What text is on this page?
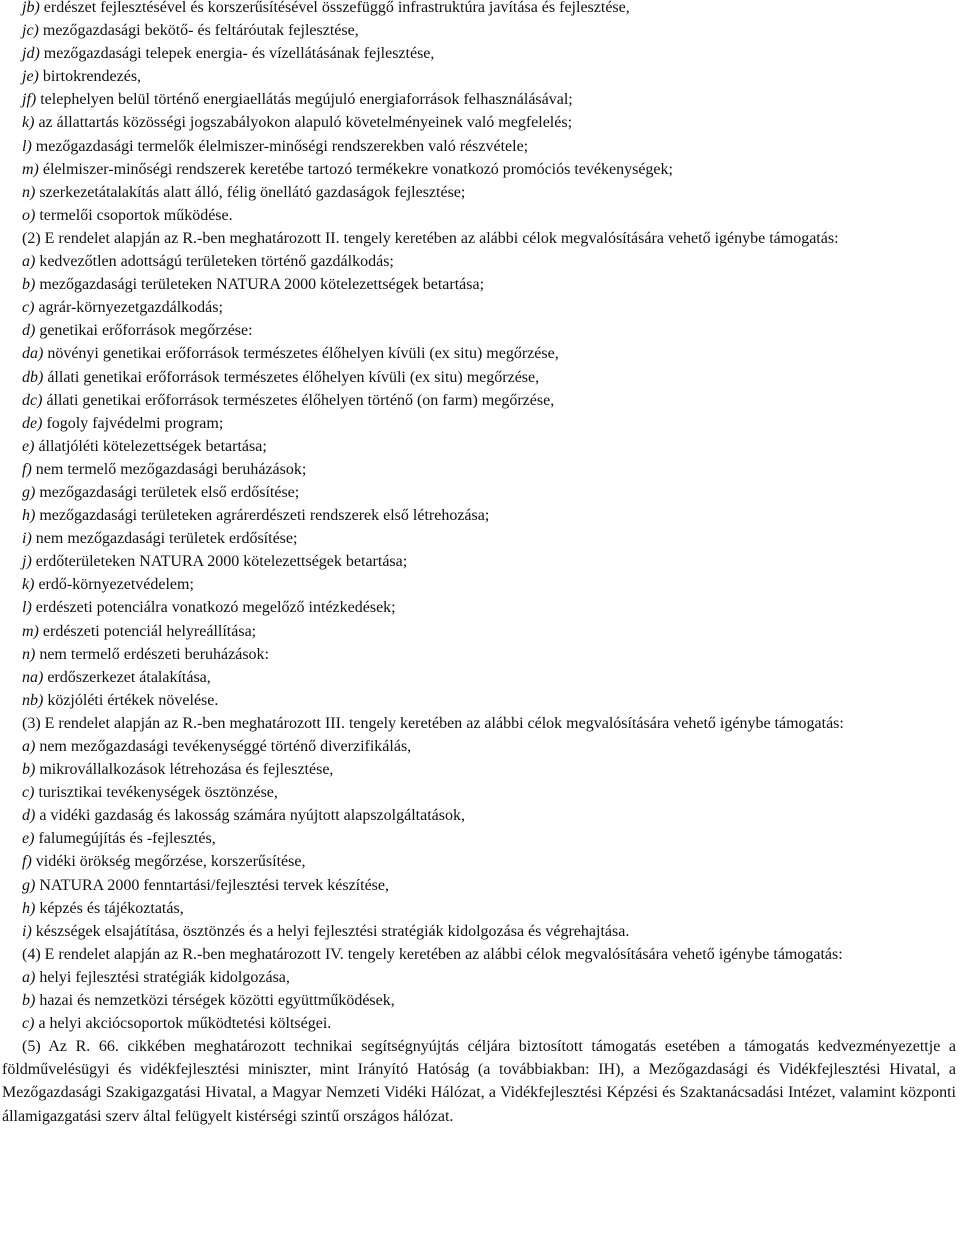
jb) erdészet fejlesztésével és korszerűsítésével összefüggő infrastruktúra javítása és fejlesztése,
jc) mezőgazdasági bekötő- és feltáróutak fejlesztése,
jd) mezőgazdasági telepek energia- és vízellátásának fejlesztése,
je) birtokrendezés,
jf) telephelyen belül történő energiaellátás megújuló energiaforrások felhasználásával;
k) az állattartás közösségi jogszabályokon alapuló követelményeinek való megfelelés;
l) mezőgazdasági termelők élelmiszer-minőségi rendszerekben való részvétele;
m) élelmiszer-minőségi rendszerek keretébe tartozó termékekre vonatkozó promóciós tevékenységek;
n) szerkezetátalakítás alatt álló, félig önellátó gazdaságok fejlesztése;
o) termelői csoportok működése.
(2) E rendelet alapján az R.-ben meghatározott II. tengely keretében az alábbi célok megvalósítására vehető igénybe támogatás:
a) kedvezőtlen adottságú területeken történő gazdálkodás;
b) mezőgazdasági területeken NATURA 2000 kötelezettségek betartása;
c) agrár-környezetgazdálkodás;
d) genetikai erőforrások megőrzése:
da) növényi genetikai erőforrások természetes élőhelyen kívüli (ex situ) megőrzése,
db) állati genetikai erőforrások természetes élőhelyen kívüli (ex situ) megőrzése,
dc) állati genetikai erőforrások természetes élőhelyen történő (on farm) megőrzése,
de) fogoly fajvédelmi program;
e) állatjóléti kötelezettségek betartása;
f) nem termelő mezőgazdasági beruházások;
g) mezőgazdasági területek első erdősítése;
h) mezőgazdasági területeken agrárerdészeti rendszerek első létrehozása;
i) nem mezőgazdasági területek erdősítése;
j) erdőterületeken NATURA 2000 kötelezettségek betartása;
k) erdő-környezetvédelem;
l) erdészeti potenciálra vonatkozó megelőző intézkedések;
m) erdészeti potenciál helyreállítása;
n) nem termelő erdészeti beruházások:
na) erdőszerkezet átalakítása,
nb) közjóléti értékek növelése.
(3) E rendelet alapján az R.-ben meghatározott III. tengely keretében az alábbi célok megvalósítására vehető igénybe támogatás:
a) nem mezőgazdasági tevékenységgé történő diverzifikálás,
b) mikrovállalkozások létrehozása és fejlesztése,
c) turisztikai tevékenységek ösztönzése,
d) a vidéki gazdaság és lakosság számára nyújtott alapszolgáltatások,
e) falumegújítás és -fejlesztés,
f) vidéki örökség megőrzése, korszerűsítése,
g) NATURA 2000 fenntartási/fejlesztési tervek készítése,
h) képzés és tájékoztatás,
i) készségek elsajátítása, ösztönzés és a helyi fejlesztési stratégiák kidolgozása és végrehajtása.
(4) E rendelet alapján az R.-ben meghatározott IV. tengely keretében az alábbi célok megvalósítására vehető igénybe támogatás:
a) helyi fejlesztési stratégiák kidolgozása,
b) hazai és nemzetközi térségek közötti együttműködések,
c) a helyi akciócsoportok működtetési költségei.
(5) Az R. 66. cikkében meghatározott technikai segítségnyújtás céljára biztosított támogatás esetében a támogatás kedvezményezettje a földművelésügyi és vidékfejlesztési miniszter, mint Irányító Hatóság (a továbbiakban: IH), a Mezőgazdasági és Vidékfejlesztési Hivatal, a Mezőgazdasági Szakigazgatási Hivatal, a Magyar Nemzeti Vidéki Hálózat, a Vidékfejlesztési Képzési és Szaktanácsadási Intézet, valamint központi államigazgatási szerv által felügyelt kistérségi szintű országos hálózat.
